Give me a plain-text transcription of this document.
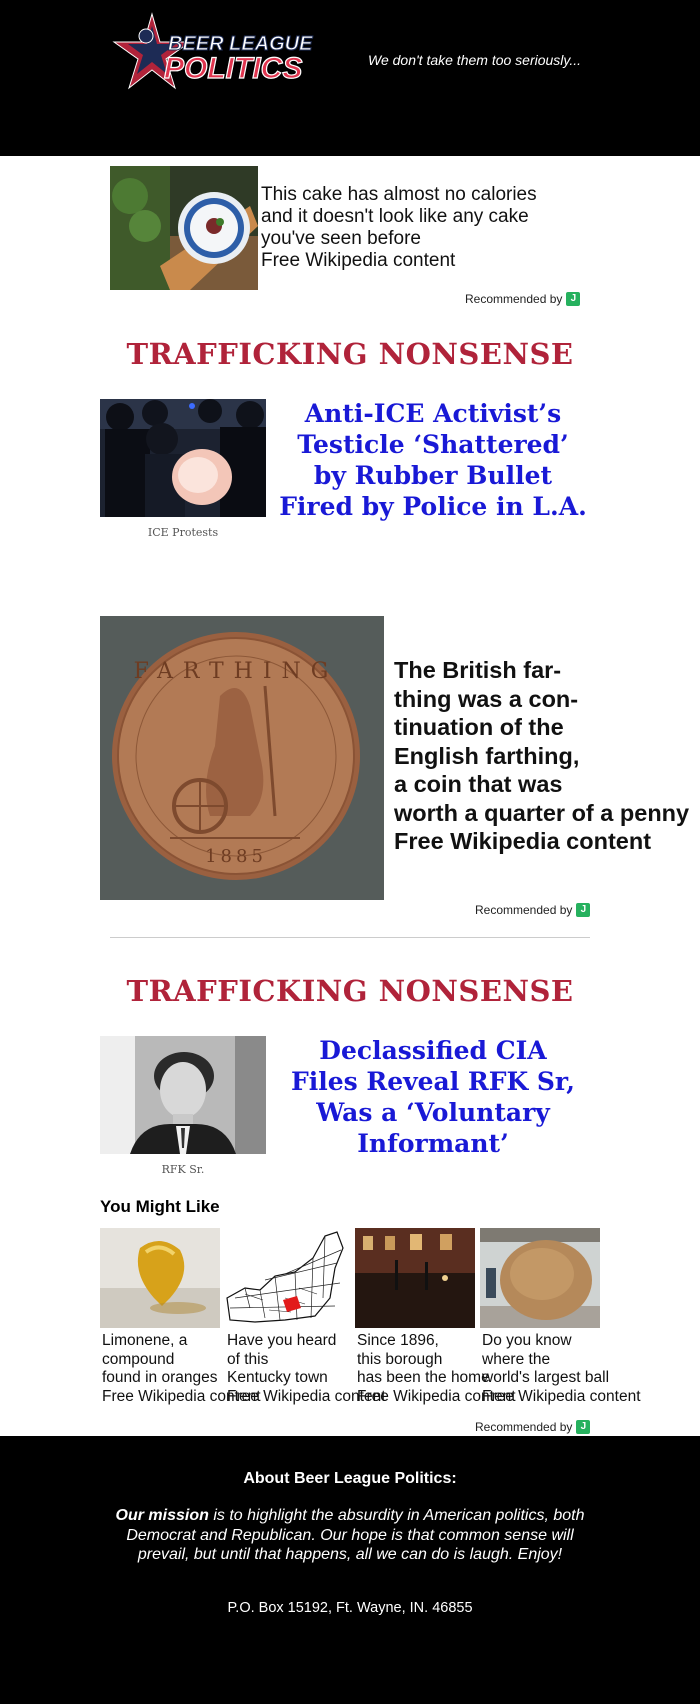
BEER LEAGUE
POLITICS	We don't take them too seriously...
This cake has almost no calories
and it doesn't look like any cake
you've seen before
Free Wikipedia content
Recommended by J
TRAFFICKING NONSENSE
ICE Protests
Anti-ICE Activist’s Testicle ‘Shattered’ by Rubber Bullet Fired by Police in L.A.
FARTHING
1885
The British far-
thing was a con-
tinuation of the
English farthing,
a coin that was
worth a quarter of a penny
Free Wikipedia content
Recommended by J
TRAFFICKING NONSENSE
RFK Sr.
Declassified CIA Files Reveal RFK Sr, Was a ‘Voluntary Informant’
You Might Like
Limonene, a
compound
found in oranges
Free Wikipedia content
Have you heard
of this
Kentucky town
Free Wikipedia content
Since 1896,
this borough
has been the home
Free Wikipedia content
Do you know
where the
world's largest ball
Free Wikipedia content
Recommended by J
About Beer League Politics:
Our mission is to highlight the absurdity in American politics, both Democrat and Republican. Our hope is that common sense will prevail, but until that happens, all we can do is laugh. Enjoy!
P.O. Box 15192, Ft. Wayne, IN. 46855
